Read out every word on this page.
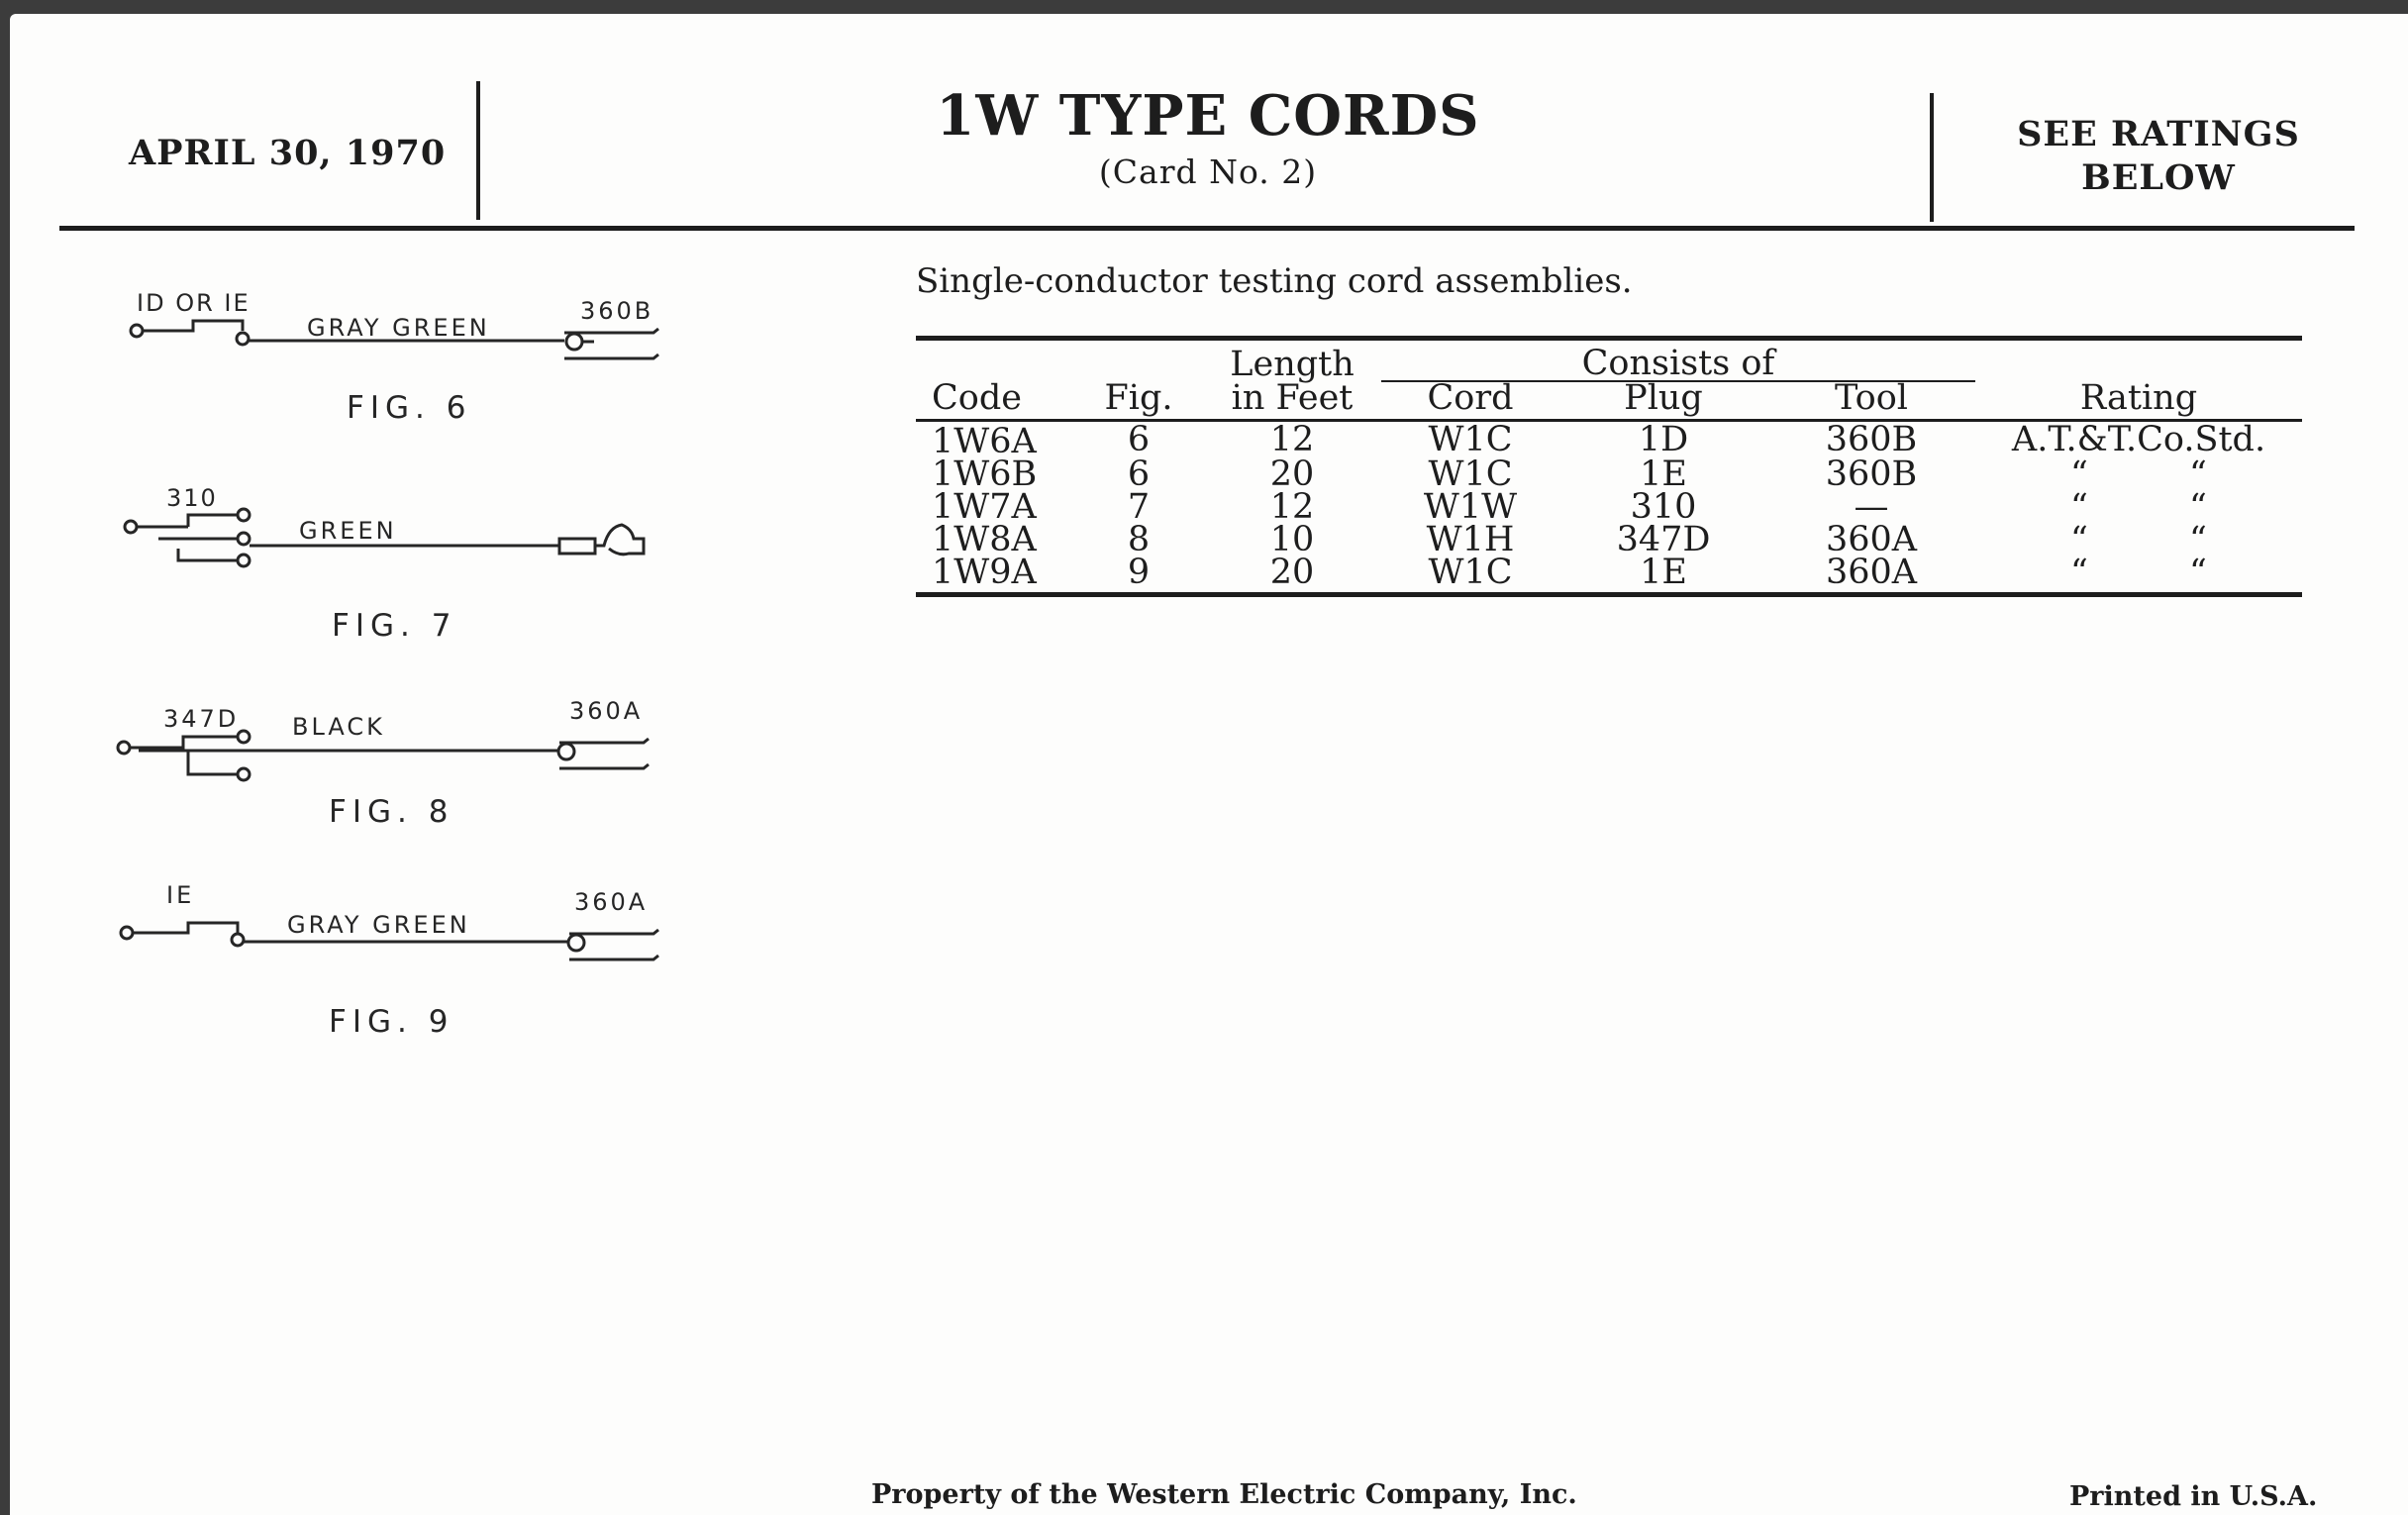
APRIL 30, 1970
1W TYPE CORDS
(Card No. 2)
SEE RATINGS
BELOW
Single-conductor testing cord assemblies.
		Length	Consists of			
Code	Fig.	in Feet	Cord	Plug	Tool	Rating
1W6A	6	12	W1C	1D	360B	A.T.&T.Co.Std.
1W6B	6	20	W1C	1E	360B	“ “
1W7A	7	12	W1W	310	—	“ “
1W8A	8	10	W1H	347D	360A	“ “
1W9A	9	20	W1C	1E	360A	“ “
ID OR IE
GRAY GREEN
360B
310
GREEN
347D BLACK
360A
IE
GRAY GREEN
360A
FIG. 6
FIG. 7
FIG. 8
FIG. 9
Property of the Western Electric Company, Inc.	Printed in U.S.A.
